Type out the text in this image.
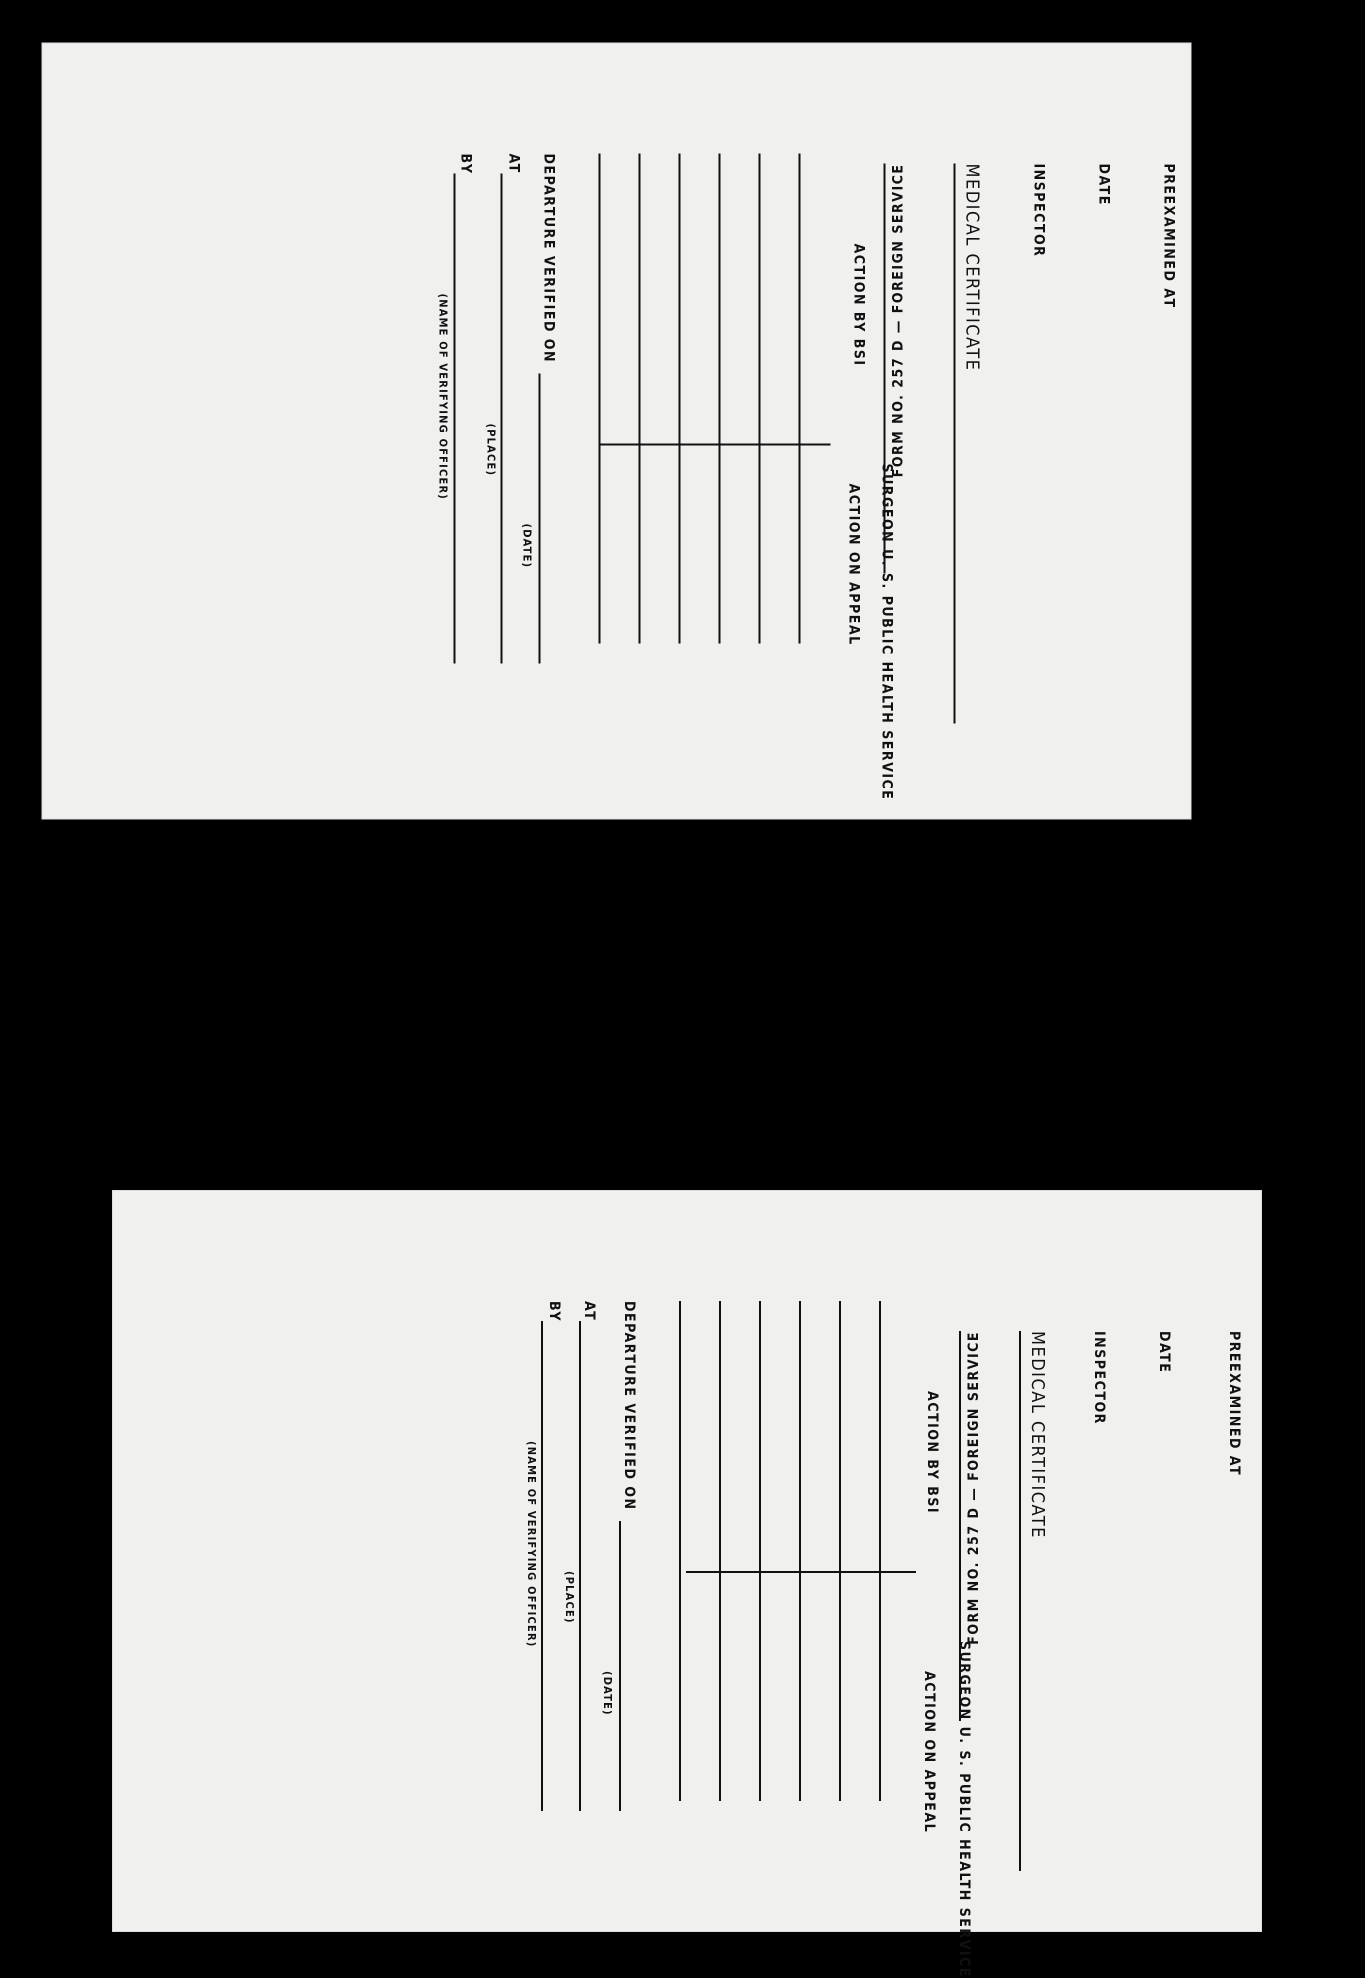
PREEXAMINED AT
DATE
INSPECTOR
MEDICAL CERTIFICATE
FORM NO. 257 D — FOREIGN SERVICE
ACTION BY BSI
SURGEON U. S. PUBLIC HEALTH SERVICE
ACTION ON APPEAL
DEPARTURE VERIFIED ON
(DATE)
AT
(PLACE)
BY
(NAME OF VERIFYING OFFICER)
PREEXAMINED AT
DATE
INSPECTOR
MEDICAL CERTIFICATE
FORM NO. 257 D — FOREIGN SERVICE
ACTION BY BSI
SURGEON U. S. PUBLIC HEALTH SERVICE
ACTION ON APPEAL
DEPARTURE VERIFIED ON
(DATE)
AT
(PLACE)
BY
(NAME OF VERIFYING OFFICER)
